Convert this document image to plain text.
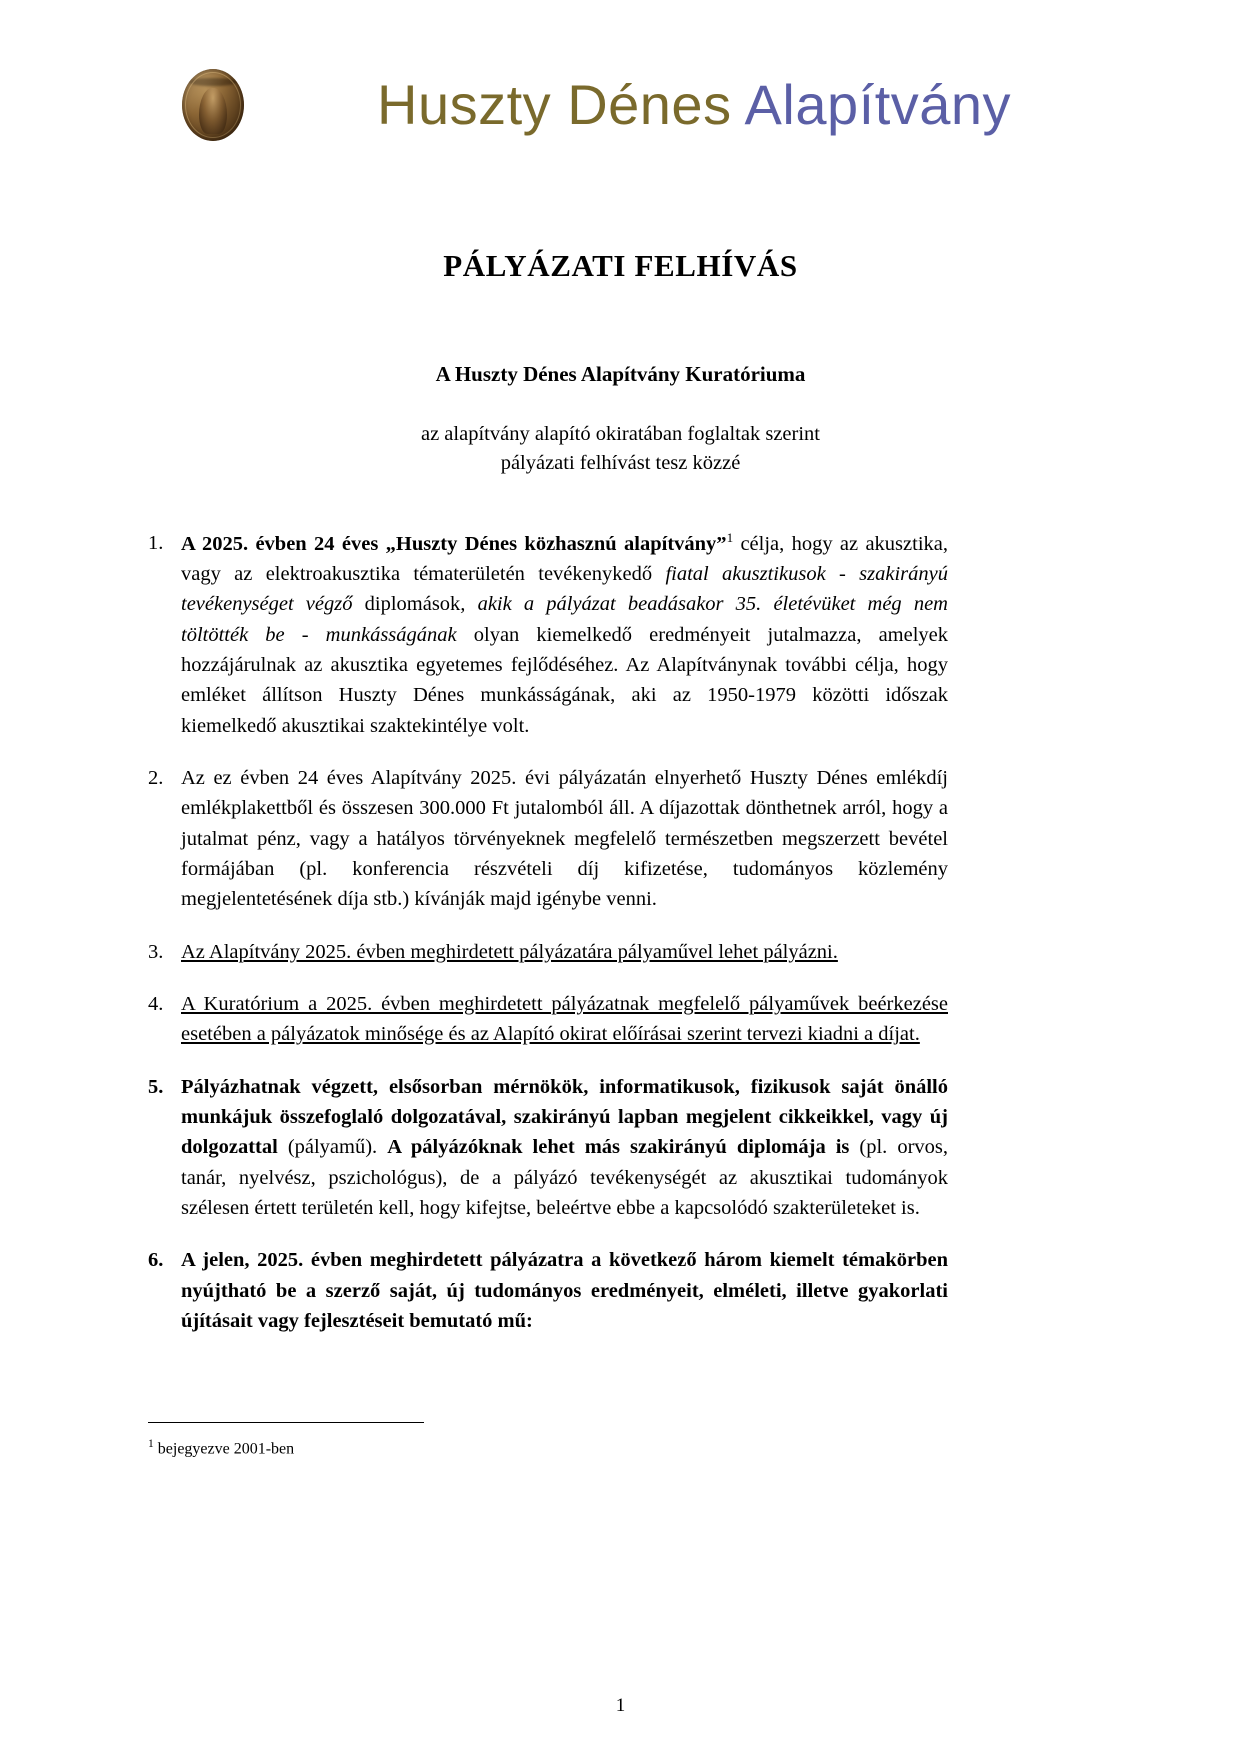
Huszty Dénes Alapítvány
PÁLYÁZATI FELHÍVÁS
A Huszty Dénes Alapítvány Kuratóriuma
az alapítvány alapító okiratában foglaltak szerint
pályázati felhívást tesz közzé
1. A 2025. évben 24 éves „Huszty Dénes közhasznú alapítvány”$^1$ célja, hogy az akusztika, vagy az elektroakusztika tématerületén tevékenykedő fiatal akusztikusok - szakirányú tevékenységet végző diplomások, akik a pályázat beadásakor 35. életévüket még nem töltötték be - munkásságának olyan kiemelkedő eredményeit jutalmazza, amelyek hozzájárulnak az akusztika egyetemes fejlődéséhez. Az Alapítványnak további célja, hogy emléket állítson Huszty Dénes munkásságának, aki az 1950-1979 közötti időszak kiemelkedő akusztikai szaktekintélye volt.

2. Az ez évben 24 éves Alapítvány 2025. évi pályázatán elnyerhető Huszty Dénes emlékdíj emlékplakettből és összesen 300.000 Ft jutalomból áll. A díjazottak dönthetnek arról, hogy a jutalmat pénz, vagy a hatályos törvényeknek megfelelő természetben megszerzett bevétel formájában (pl. konferencia részvételi díj kifizetése, tudományos közlemény megjelentetésének díja stb.) kívánják majd igénybe venni.

3. Az Alapítvány 2025. évben meghirdetett pályázatára pályaművel lehet pályázni.

4. A Kuratórium a 2025. évben meghirdetett pályázatnak megfelelő pályaművek beérkezése esetében a pályázatok minősége és az Alapító okirat előírásai szerint tervezi kiadni a díjat.

5. Pályázhatnak végzett, elsősorban mérnökök, informatikusok, fizikusok saját önálló munkájuk összefoglaló dolgozatával, szakirányú lapban megjelent cikkeikkel, vagy új dolgozattal (pályamű). A pályázóknak lehet más szakirányú diplomája is (pl. orvos, tanár, nyelvész, pszichológus), de a pályázó tevékenységét az akusztikai tudományok szélesen értett területén kell, hogy kifejtse, beleértve ebbe a kapcsolódó szakterületeket is.

6. A jelen, 2025. évben meghirdetett pályázatra a következő három kiemelt témakörben nyújtható be a szerző saját, új tudományos eredményeit, elméleti, illetve gyakorlati újításait vagy fejlesztéseit bemutató mű:

$^1$ bejegyezve 2001-ben
1
